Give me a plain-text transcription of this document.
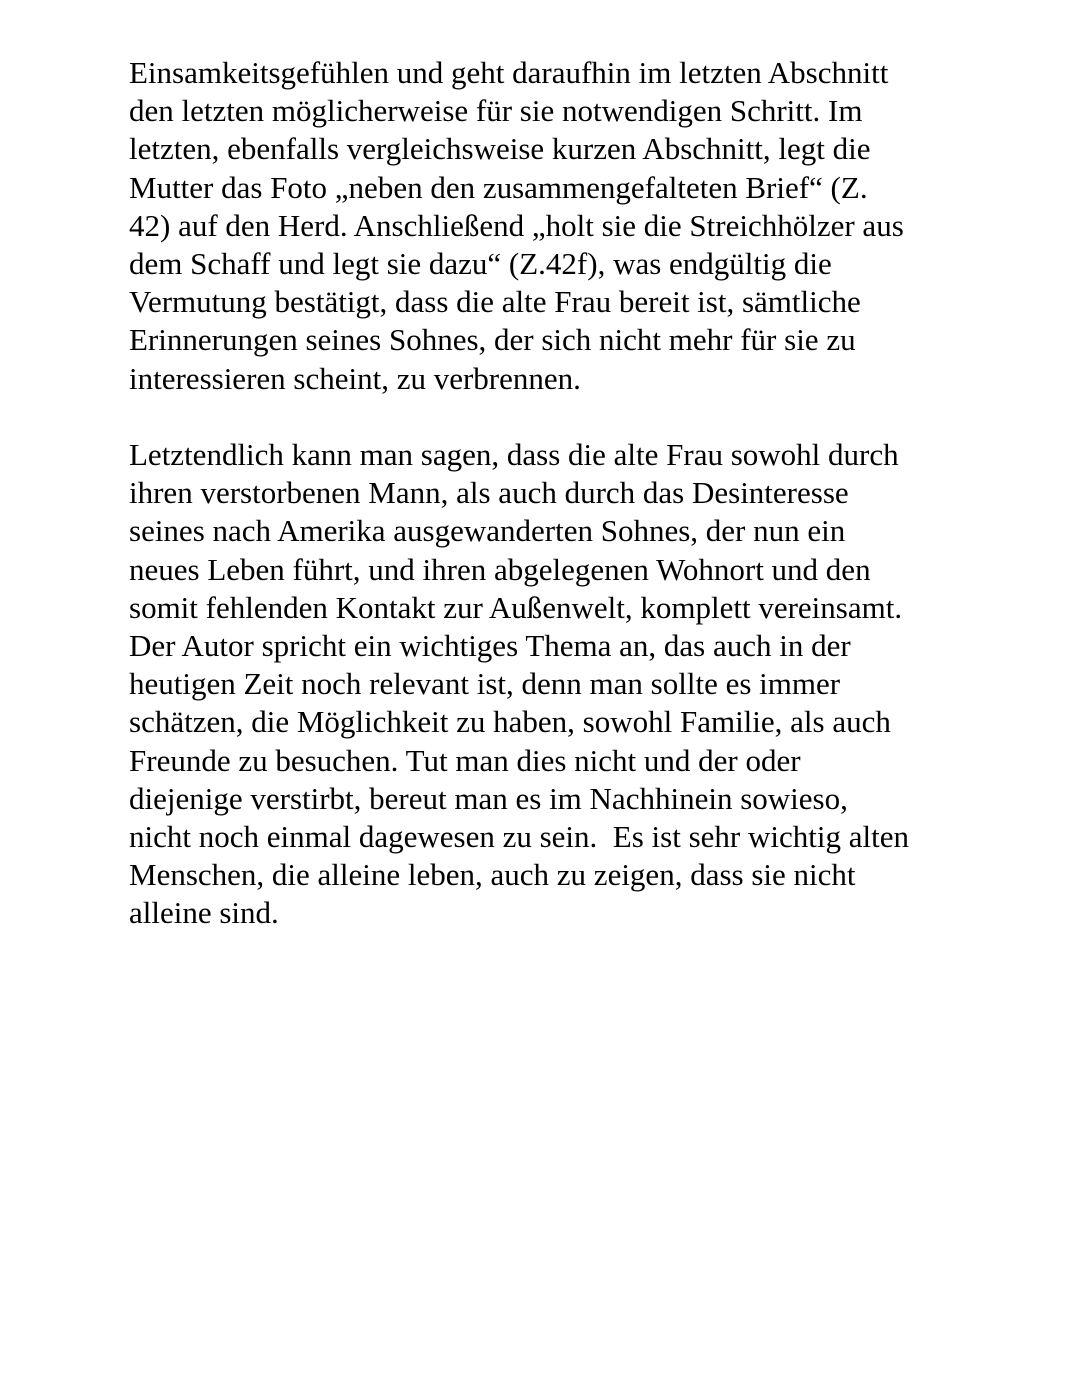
Einsamkeitsgefühlen und geht daraufhin im letzten Abschnitt
den letzten möglicherweise für sie notwendigen Schritt. Im
letzten, ebenfalls vergleichsweise kurzen Abschnitt, legt die
Mutter das Foto „neben den zusammengefalteten Brief“ (Z.
42) auf den Herd. Anschließend „holt sie die Streichhölzer aus
dem Schaff und legt sie dazu“ (Z.42f), was endgültig die
Vermutung bestätigt, dass die alte Frau bereit ist, sämtliche
Erinnerungen seines Sohnes, der sich nicht mehr für sie zu
interessieren scheint, zu verbrennen.
Letztendlich kann man sagen, dass die alte Frau sowohl durch
ihren verstorbenen Mann, als auch durch das Desinteresse
seines nach Amerika ausgewanderten Sohnes, der nun ein
neues Leben führt, und ihren abgelegenen Wohnort und den
somit fehlenden Kontakt zur Außenwelt, komplett vereinsamt.
Der Autor spricht ein wichtiges Thema an, das auch in der
heutigen Zeit noch relevant ist, denn man sollte es immer
schätzen, die Möglichkeit zu haben, sowohl Familie, als auch
Freunde zu besuchen. Tut man dies nicht und der oder
diejenige verstirbt, bereut man es im Nachhinein sowieso,
nicht noch einmal dagewesen zu sein.  Es ist sehr wichtig alten
Menschen, die alleine leben, auch zu zeigen, dass sie nicht
alleine sind.
